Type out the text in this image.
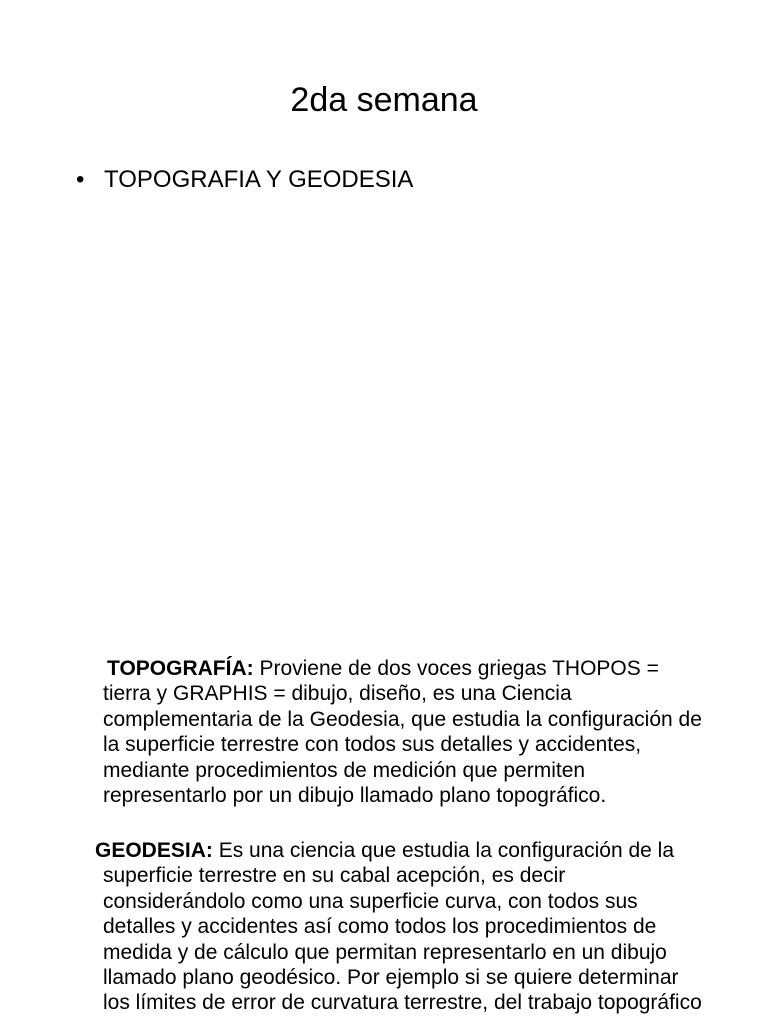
2da semana
• TOPOGRAFIA Y GEODESIA

TOPOGRAFÍA: Proviene de dos voces griegas THOPOS = tierra y GRAPHIS = dibujo, diseño, es una Ciencia complementaria de la Geodesia, que estudia la configuración de la superficie terrestre con todos sus detalles y accidentes, mediante procedimientos de medición que permiten representarlo por un dibujo llamado plano topográfico.

GEODESIA: Es una ciencia que estudia la configuración de la superficie terrestre en su cabal acepción, es decir considerándolo como una superficie curva, con todos sus detalles y accidentes así como todos los procedimientos de medida y de cálculo que permitan representarlo en un dibujo llamado plano geodésico. Por ejemplo si se quiere determinar los límites de error de curvatura terrestre, del trabajo topográfico
